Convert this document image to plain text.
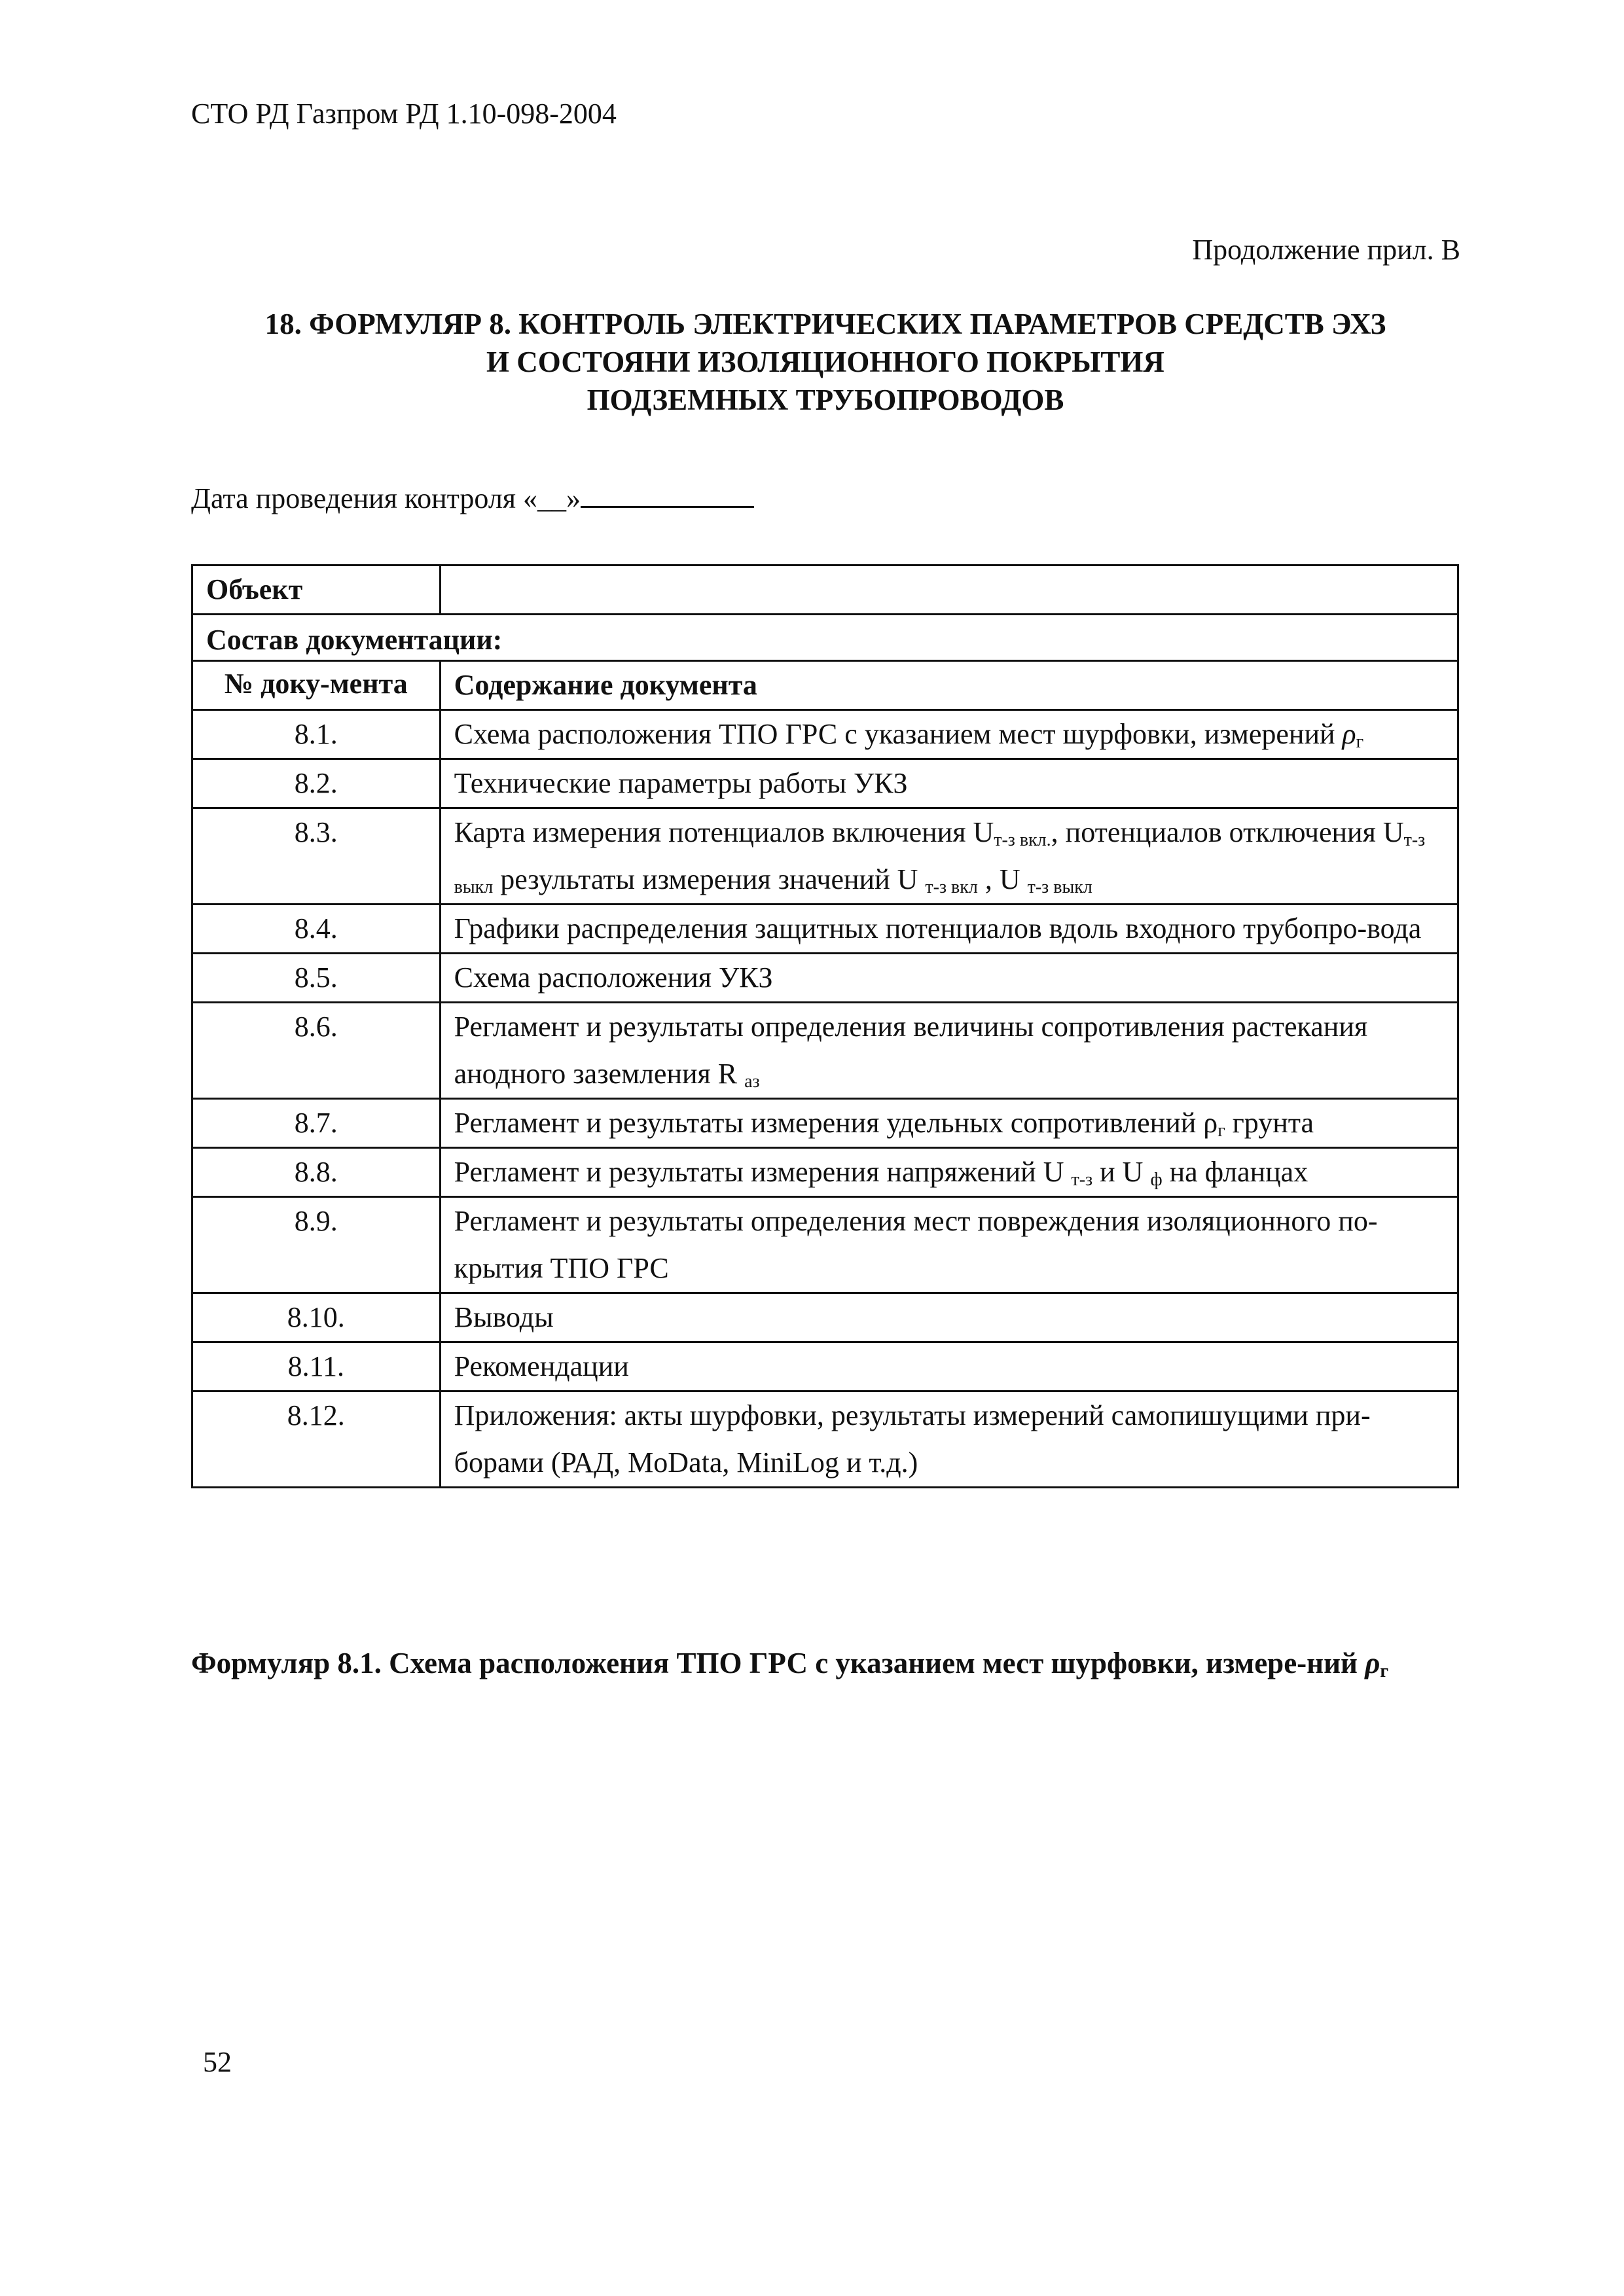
СТО РД Газпром РД 1.10-098-2004
Продолжение прил. В
18. ФОРМУЛЯР 8. КОНТРОЛЬ ЭЛЕКТРИЧЕСКИХ ПАРАМЕТРОВ СРЕДСТВ ЭХЗ
И СОСТОЯНИ ИЗОЛЯЦИОННОГО ПОКРЫТИЯ
ПОДЗЕМНЫХ ТРУБОПРОВОДОВ
Дата проведения контроля «__»
Объект	
Состав документации:	
№ доку-мента	Содержание документа
8.1.	Схема расположения ТПО ГРС с указанием мест шурфовки, измерений $\rho_г$
8.2.	Технические параметры работы УКЗ
8.3.	Карта измерения потенциалов включения $U_{т-з вкл.}$, потенциалов отключения $U_{т-з выкл}$ результаты измерения значений U $_{т-з вкл}$ , U $_{т-з выкл}$
8.4.	Графики распределения защитных потенциалов вдоль входного трубопро-вода
8.5.	Схема расположения УКЗ
8.6.	Регламент и результаты определения величины сопротивления растекания анодного заземления R $_{аз}$
8.7.	Регламент и результаты измерения удельных сопротивлений $\rho_г$ грунта
8.8.	Регламент и результаты измерения напряжений U $_{т-з}$ и U $_ф$ на фланцах
8.9.	Регламент и результаты определения мест повреждения изоляционного по-крытия ТПО ГРС
8.10.	Выводы
8.11.	Рекомендации
8.12.	Приложения: акты шурфовки, результаты измерений самопишущими при-борами (РАД, MoData, MiniLog и т.д.)
Формуляр 8.1. Схема расположения ТПО ГРС с указанием мест шурфовки, измере-ний $\rho_г$
52
